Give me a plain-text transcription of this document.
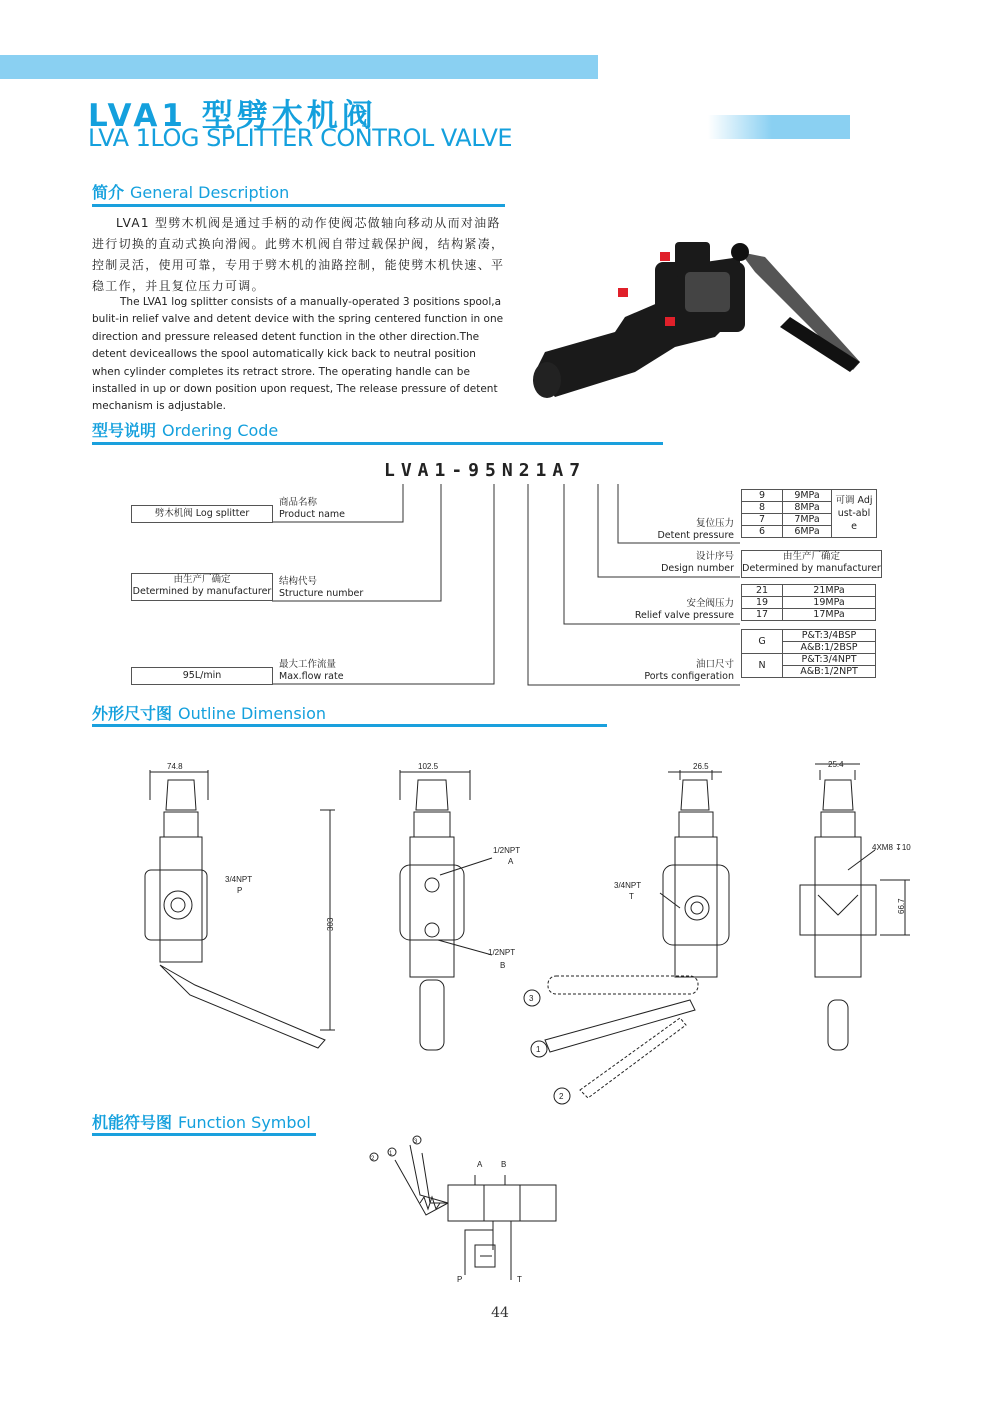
LVA1 型劈木机阀
LVA 1LOG SPLITTER CONTROL VALVE
简介 General Description
LVA1 型劈木机阀是通过手柄的动作使阀芯做轴向移动从而对油路进行切换的直动式换向滑阀。此劈木机阀自带过载保护阀，结构紧凑，控制灵活，使用可靠，专用于劈木机的油路控制，能使劈木机快速、平稳工作，并且复位压力可调。
The LVA1 log splitter consists of a manually-operated 3 positions spool,a bulit-in relief valve and detent device with the spring centered function in one direction and pressure released detent function in the other direction.The detent deviceallows the spool automatically kick back to neutral position when cylinder completes its retract strore. The operating handle can be installed in up or down position upon request, The release pressure of detent mechanism is adjustable.
型号说明 Ordering Code
LVA1-95N21A7
劈木机阀 Log splitter
商品名称
Product name
由生产厂确定
Determined by manufacturer
结构代号
Structure number
95L/min
最大工作流量
Max.flow rate
复位压力
Detent pressure
9	9MPa	可调 Adjust-able

8	8MPa	
7	7MPa	
6	6MPa	
设计序号
Design number
由生产厂确定
Determined by manufacturer
安全阀压力
Relief valve pressure
21	21MPa
19	19MPa
17	17MPa
油口尺寸
Ports configeration
G	P&T:3/4BSP
	A&B:1/2BSP
N	P&T:3/4NPT
	A&B:1/2NPT
外形尺寸图 Outline Dimension
74.8	102.5	26.5	25.4
303
66.7
3/4NPT
P
1/2NPT
A
1/2NPT
B
3/4NPT
T
4XM8 ↧10
3
1
2
机能符号图 Function Symbol
A B
P	T
2
1
3
44
